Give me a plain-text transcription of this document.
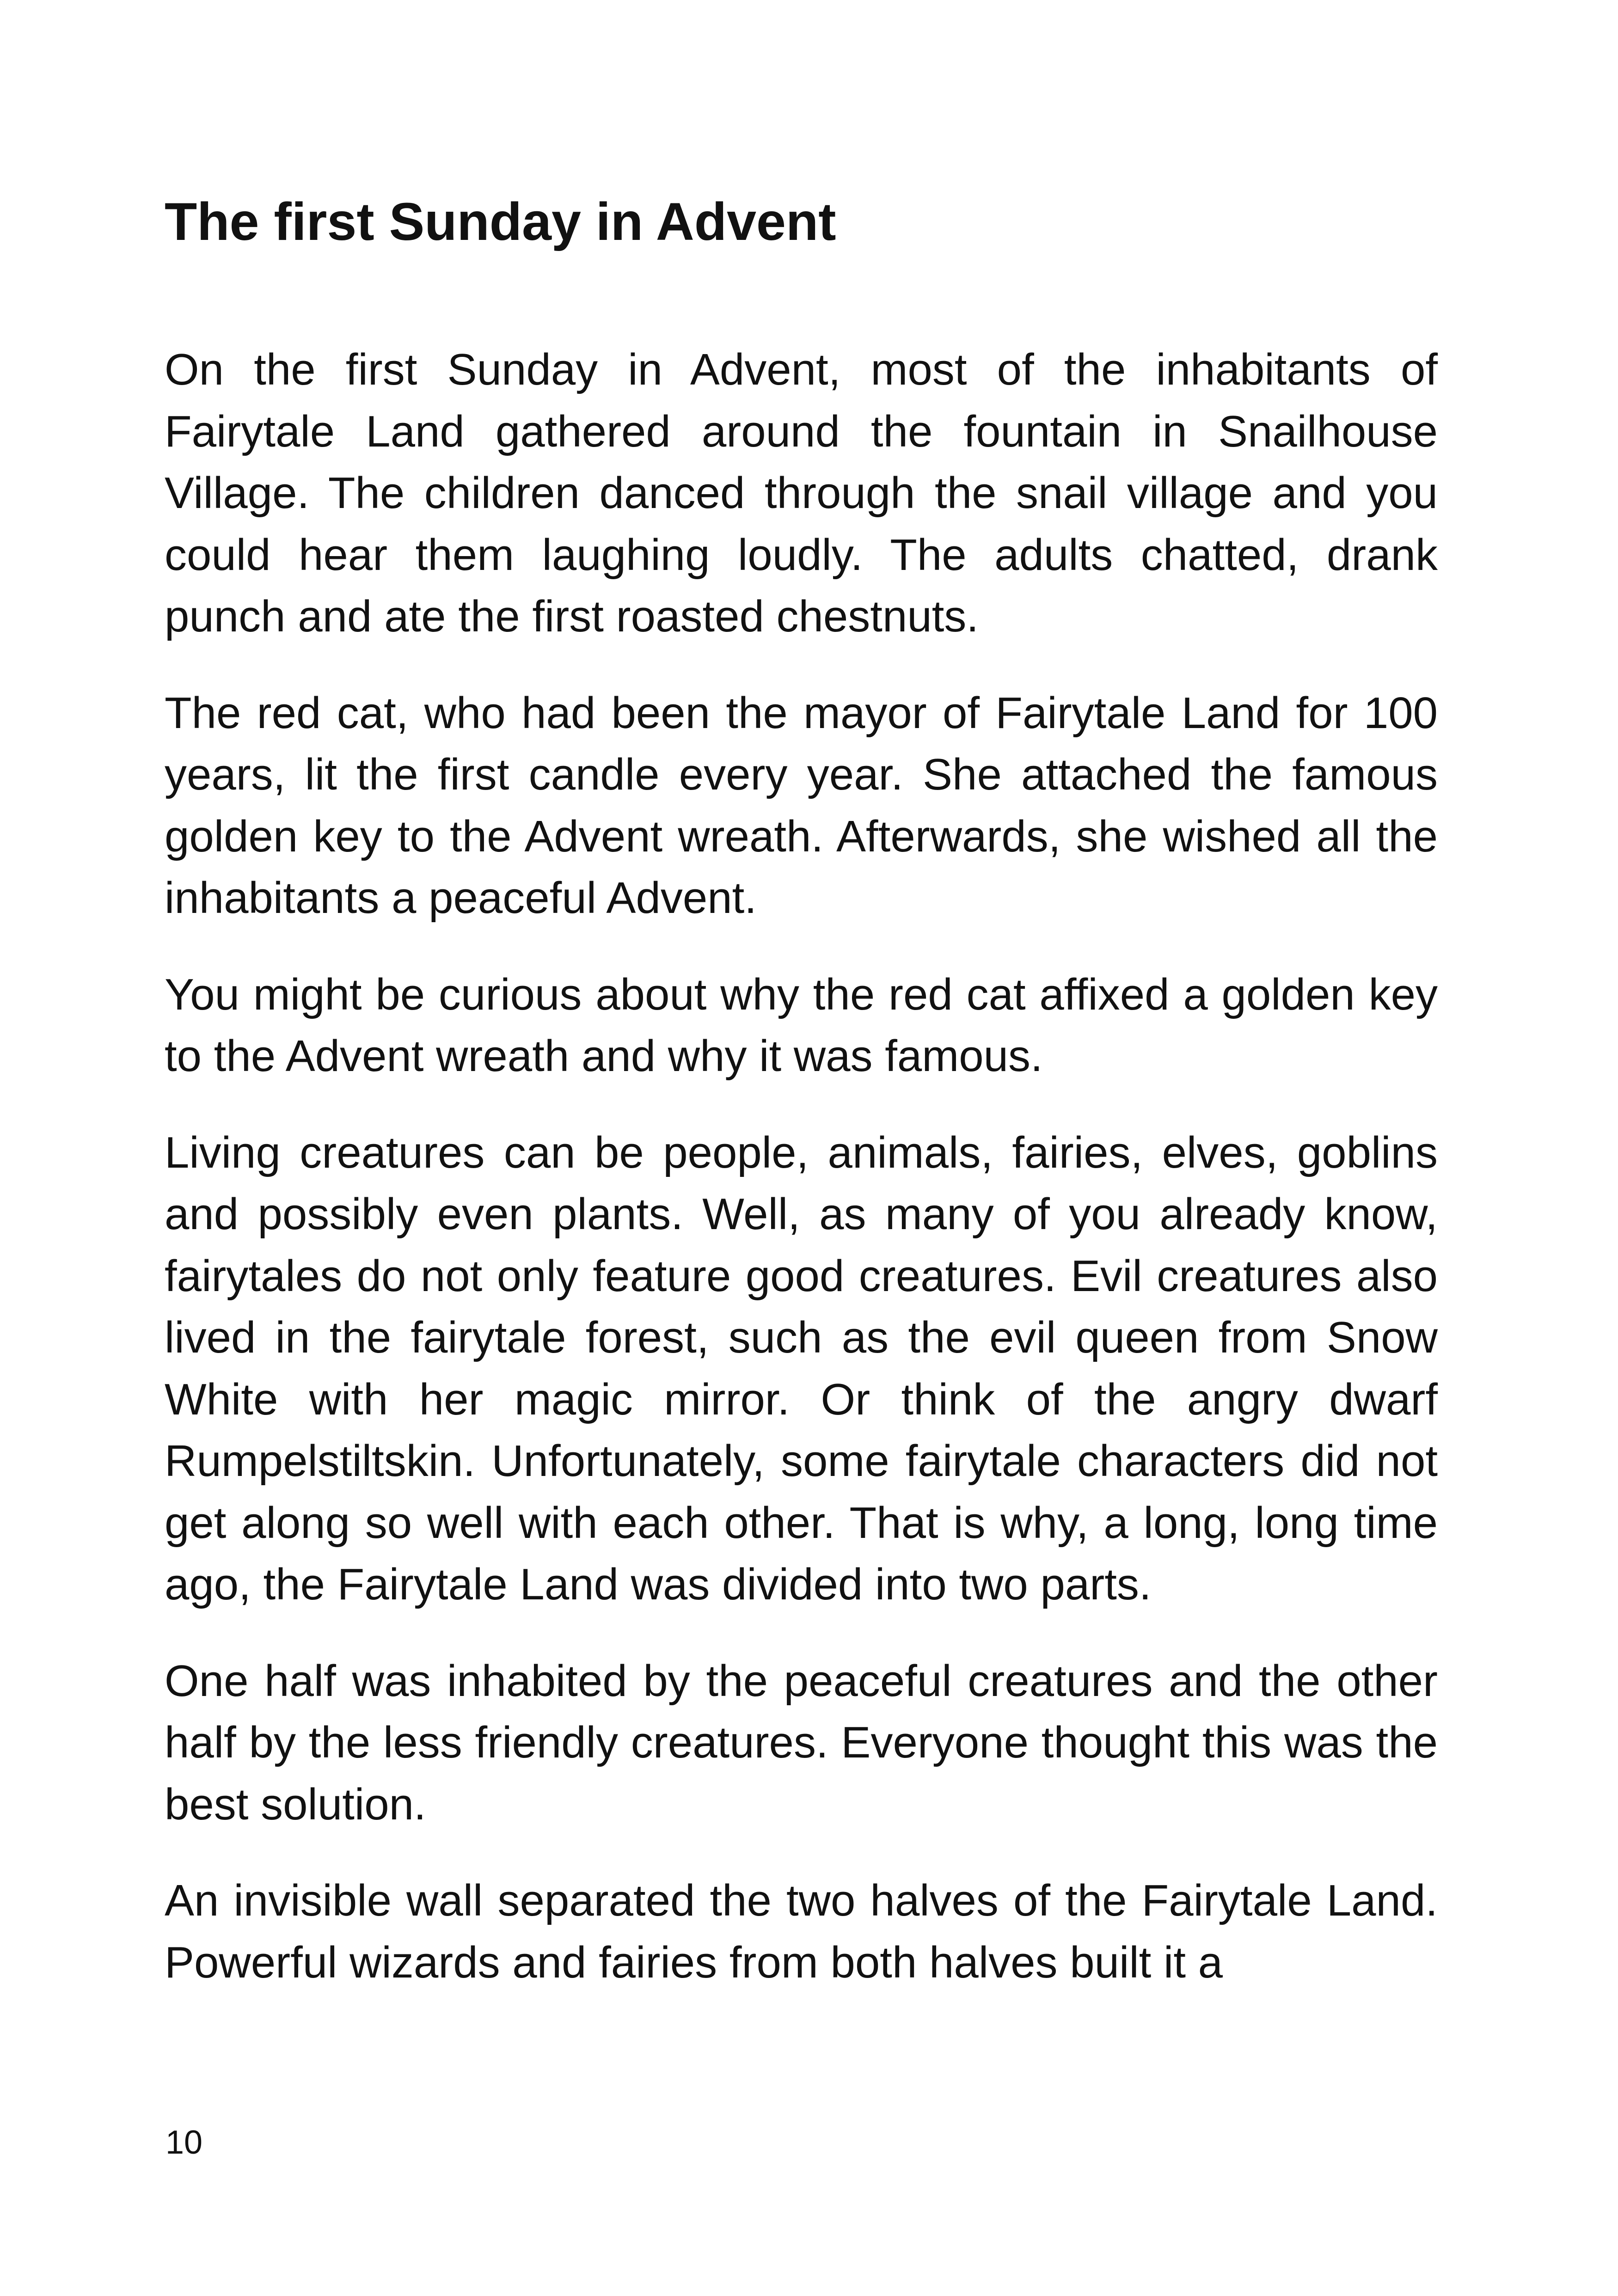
The first Sunday in Advent

On the first Sunday in Advent, most of the inhabitants of Fairytale Land gathered around the fountain in Snailhouse Village. The children danced through the snail village and you could hear them laughing loudly. The adults chatted, drank punch and ate the first roasted chestnuts.

The red cat, who had been the mayor of Fairytale Land for 100 years, lit the first candle every year. She attached the famous golden key to the Advent wreath. Afterwards, she wished all the inhabitants a peaceful Advent.

You might be curious about why the red cat affixed a golden key to the Advent wreath and why it was famous.

Living creatures can be people, animals, fairies, elves, goblins and possibly even plants. Well, as many of you already know, fairytales do not only feature good creatures. Evil creatures also lived in the fairytale forest, such as the evil queen from Snow White with her magic mirror. Or think of the angry dwarf Rumpelstiltskin. Unfortunately, some fairytale characters did not get along so well with each other. That is why, a long, long time ago, the Fairytale Land was divided into two parts.

One half was inhabited by the peaceful creatures and the other half by the less friendly creatures. Everyone thought this was the best solution.

An invisible wall separated the two halves of the Fairytale Land. Powerful wizards and fairies from both halves built it a

10
